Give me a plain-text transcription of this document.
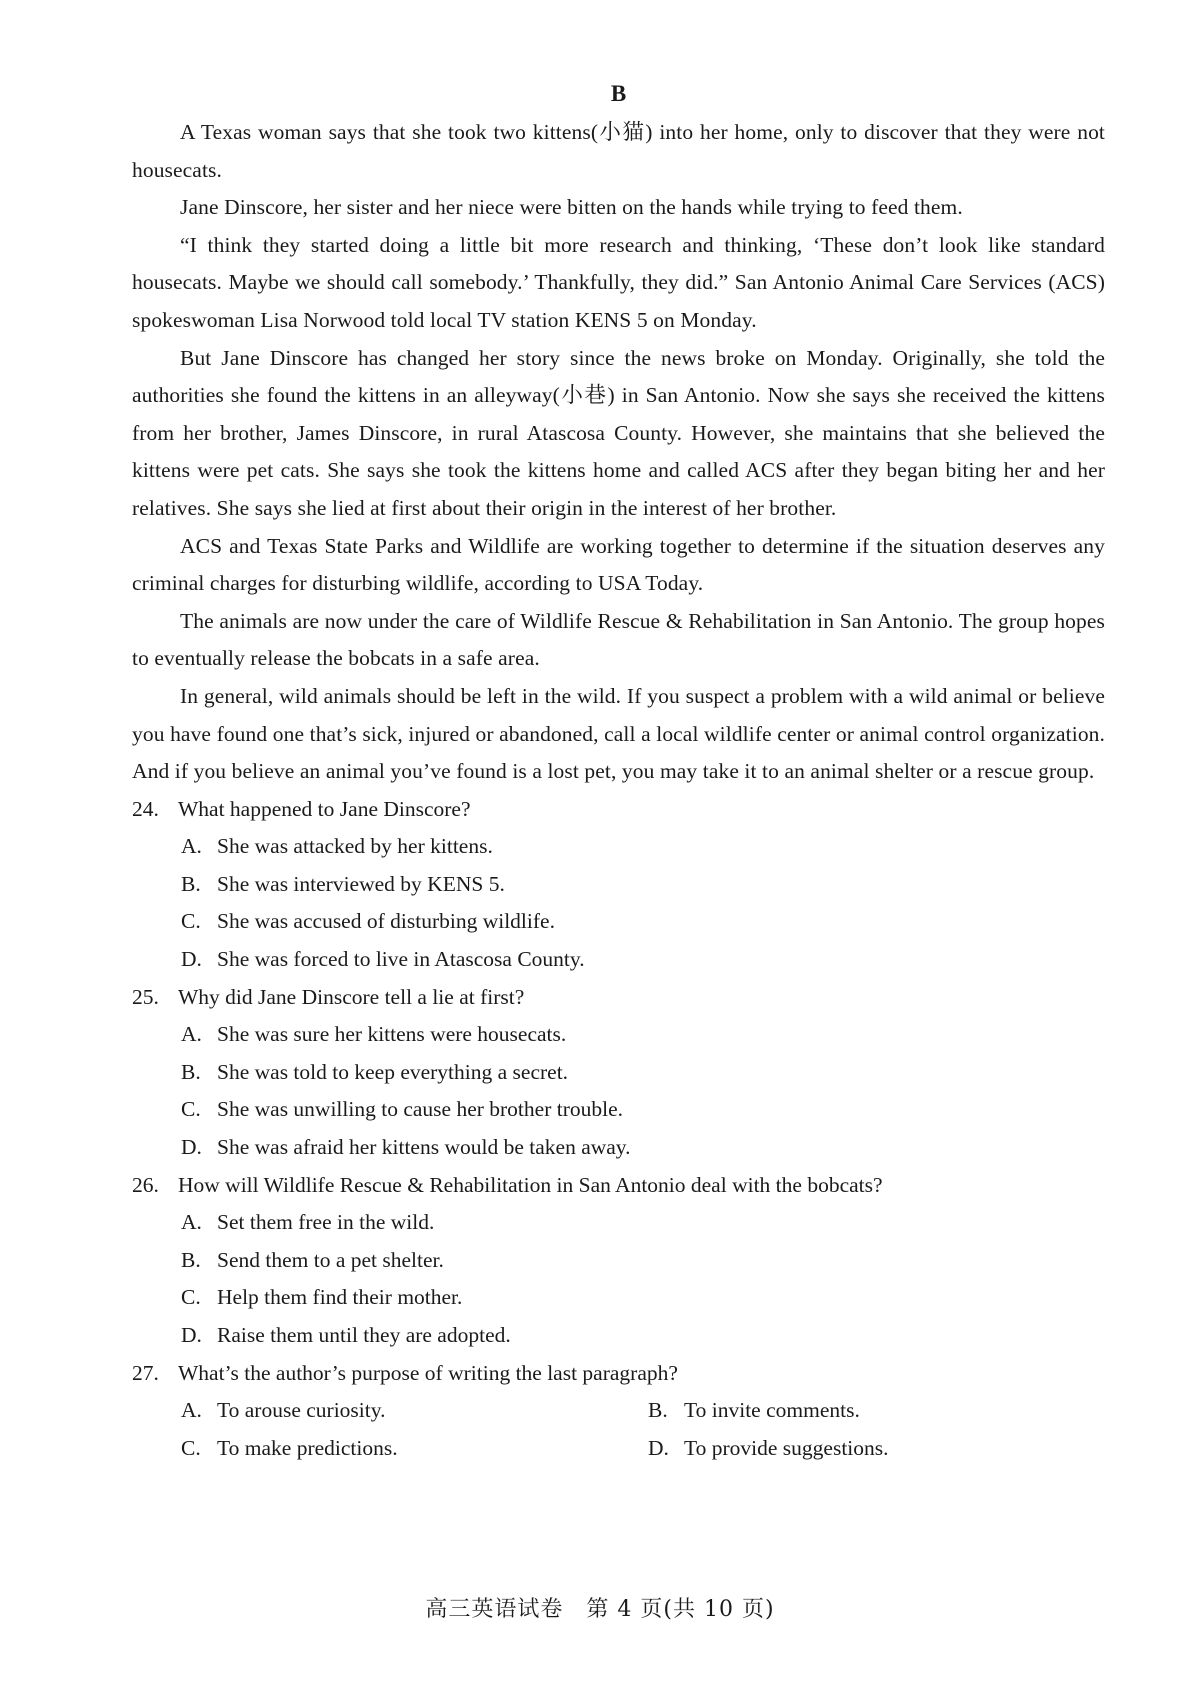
B

A Texas woman says that she took two kittens(小猫) into her home, only to discover that they were not housecats.

Jane Dinscore, her sister and her niece were bitten on the hands while trying to feed them.

“I think they started doing a little bit more research and thinking, ‘These don’t look like standard housecats. Maybe we should call somebody.’ Thankfully, they did.” San Antonio Animal Care Services (ACS) spokeswoman Lisa Norwood told local TV station KENS 5 on Monday.

But Jane Dinscore has changed her story since the news broke on Monday. Originally, she told the authorities she found the kittens in an alleyway(小巷) in San Antonio. Now she says she received the kittens from her brother, James Dinscore, in rural Atascosa County. However, she maintains that she believed the kittens were pet cats. She says she took the kittens home and called ACS after they began biting her and her relatives. She says she lied at first about their origin in the interest of her brother.

ACS and Texas State Parks and Wildlife are working together to determine if the situation deserves any criminal charges for disturbing wildlife, according to USA Today.

The animals are now under the care of Wildlife Rescue & Rehabilitation in San Antonio. The group hopes to eventually release the bobcats in a safe area.

In general, wild animals should be left in the wild. If you suspect a problem with a wild animal or believe you have found one that’s sick, injured or abandoned, call a local wildlife center or animal control organization. And if you believe an animal you’ve found is a lost pet, you may take it to an animal shelter or a rescue group.

24. What happened to Jane Dinscore?
A. She was attacked by her kittens.
B. She was interviewed by KENS 5.
C. She was accused of disturbing wildlife.
D. She was forced to live in Atascosa County.
25. Why did Jane Dinscore tell a lie at first?
A. She was sure her kittens were housecats.
B. She was told to keep everything a secret.
C. She was unwilling to cause her brother trouble.
D. She was afraid her kittens would be taken away.
26. How will Wildlife Rescue & Rehabilitation in San Antonio deal with the bobcats?
A. Set them free in the wild.
B. Send them to a pet shelter.
C. Help them find their mother.
D. Raise them until they are adopted.
27. What’s the author’s purpose of writing the last paragraph?
A. To arouse curiosity.	B. To invite comments.
C. To make predictions.	D. To provide suggestions.
高三英语试卷　第 4 页(共 10 页)
